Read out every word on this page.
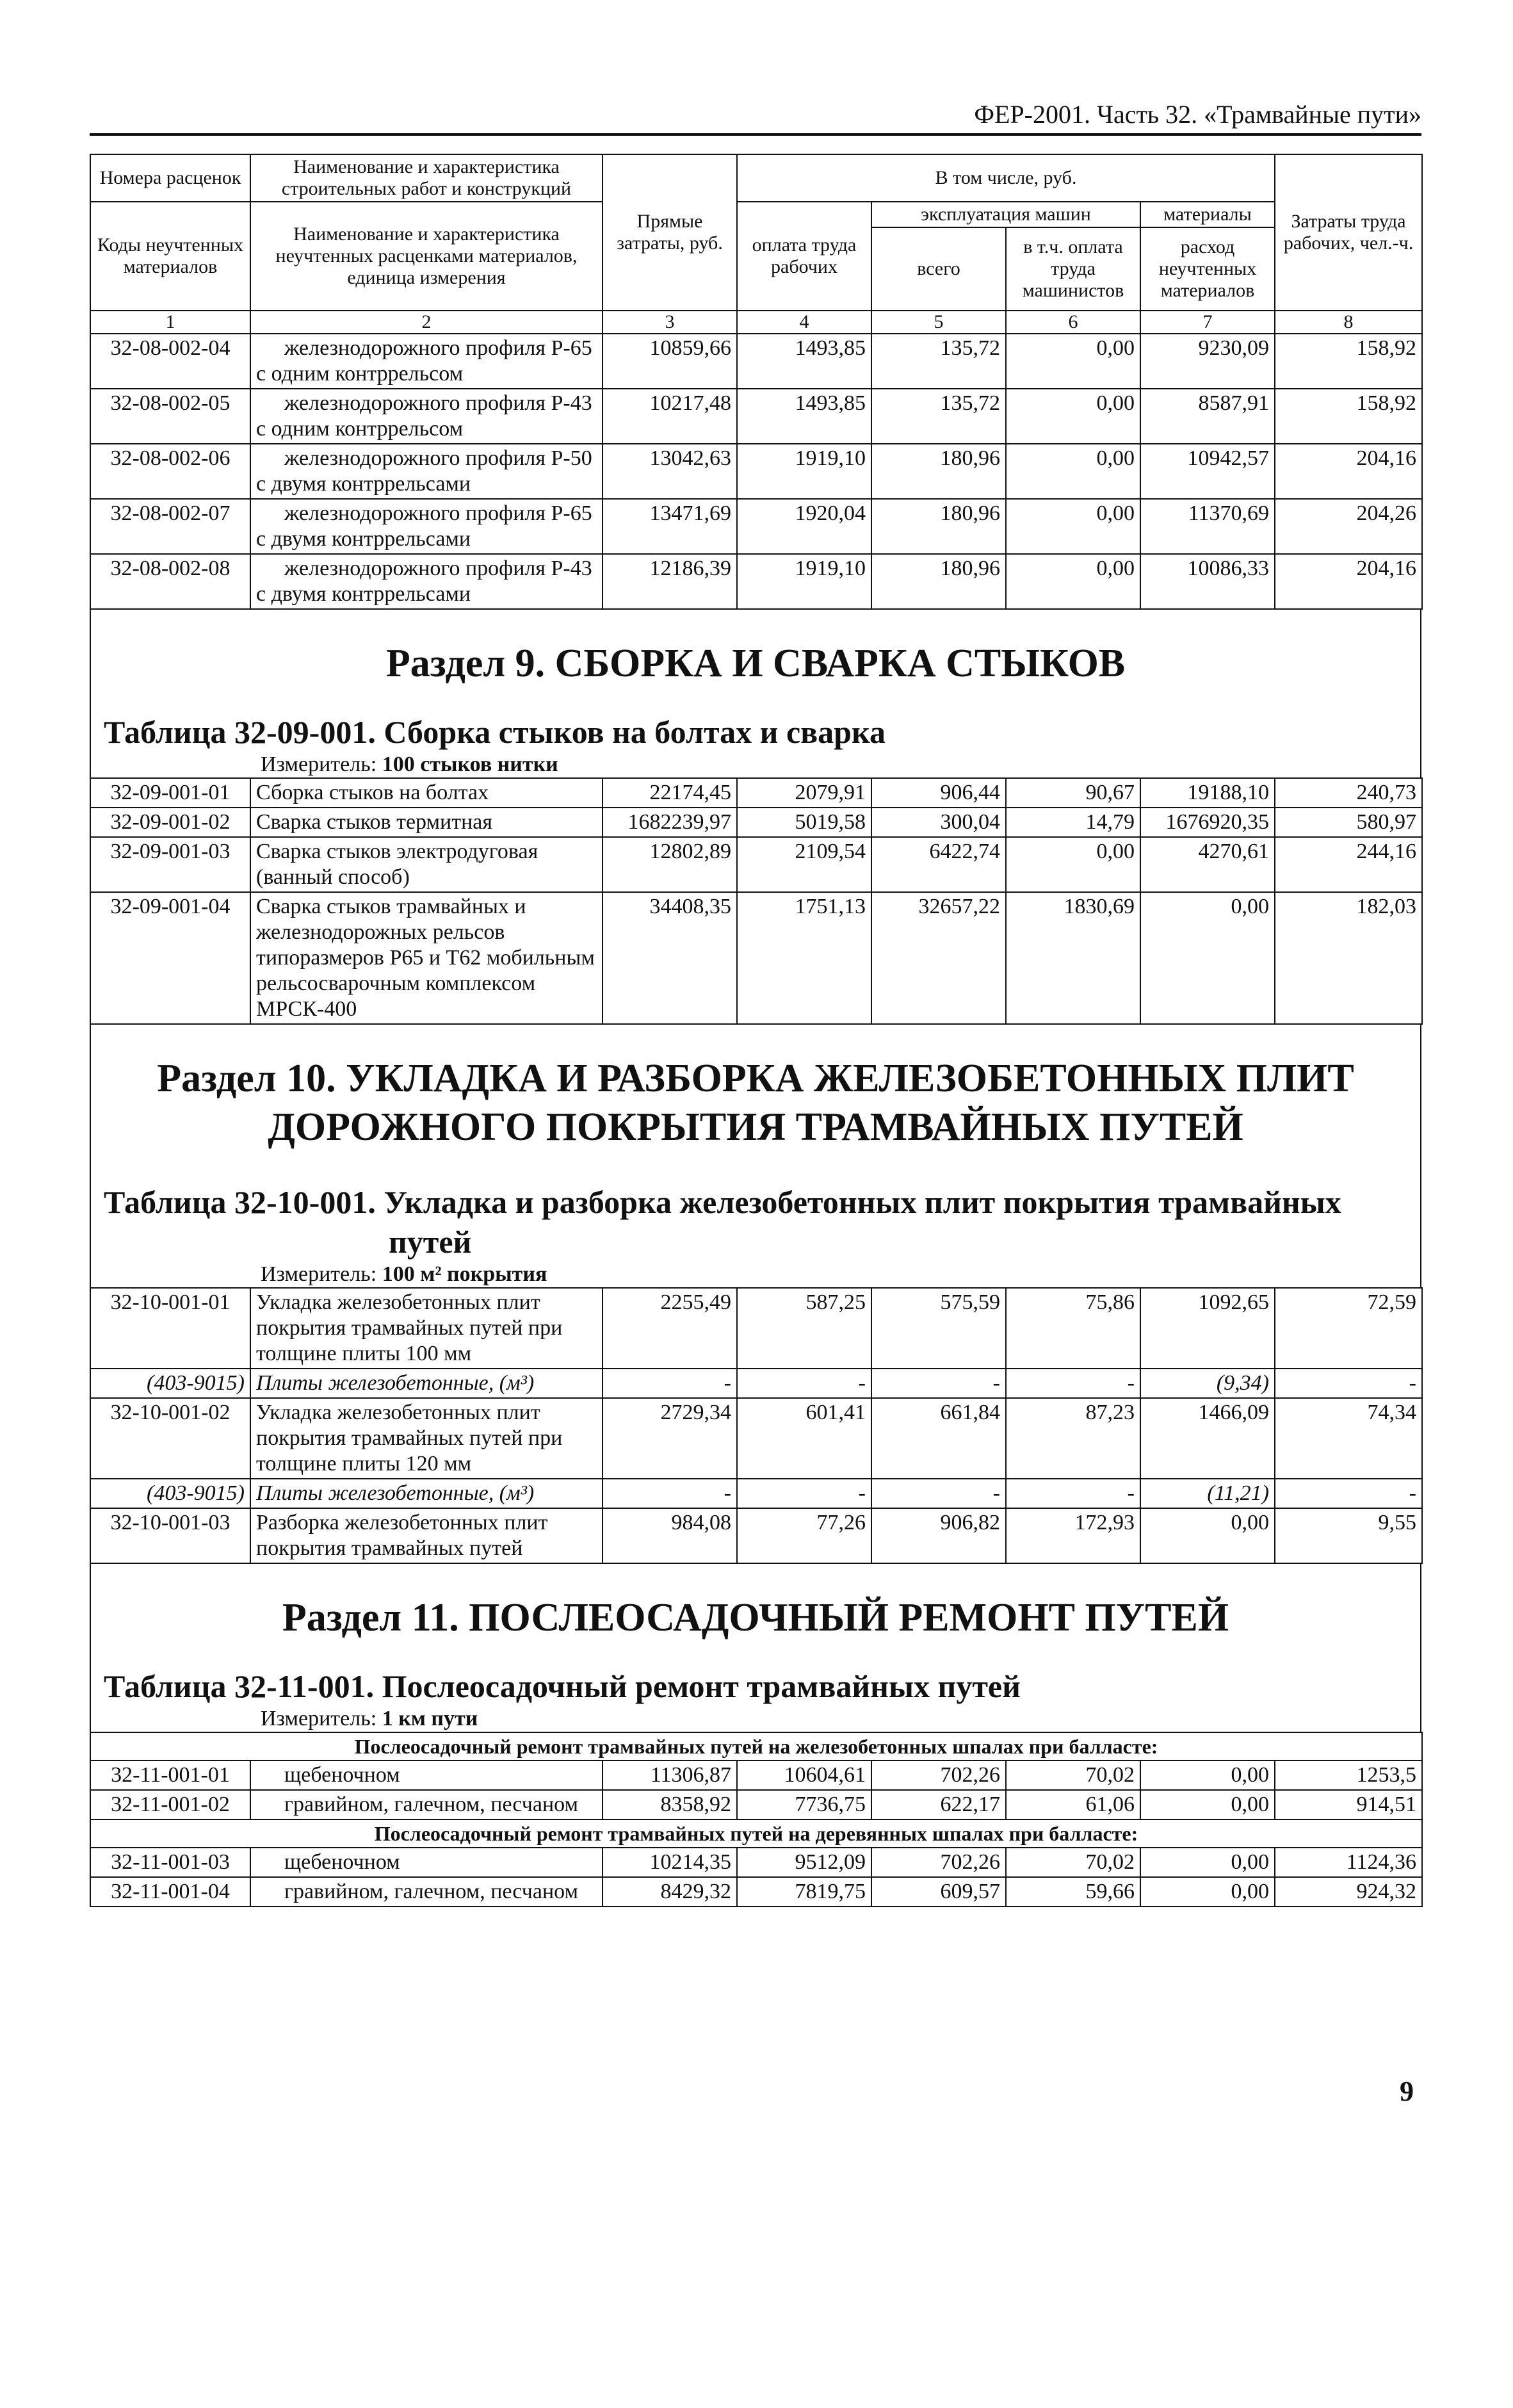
ФЕР-2001. Часть 32. «Трамвайные пути»
Номера расценок	Наименование и характеристика строительных работ и конструкций	Прямые затраты, руб.	В том числе, руб.				Затраты труда рабочих, чел.-ч.
Коды неучтенных материалов	Наименование и характеристика неучтенных расценками материалов, единица измерения		оплата труда рабочих	эксплуатация машин		материалы	
				всего	в т.ч. оплата труда машинистов	расход неучтенных материалов	
1	2	3	4	5	6	7	8
32-08-002-04	железнодорожного профиля Р-65 с одним контррельсом	10859,66	1493,85	135,72	0,00	9230,09	158,92
32-08-002-05	железнодорожного профиля Р-43 с одним контррельсом	10217,48	1493,85	135,72	0,00	8587,91	158,92
32-08-002-06	железнодорожного профиля Р-50 с двумя контррельсами	13042,63	1919,10	180,96	0,00	10942,57	204,16
32-08-002-07	железнодорожного профиля Р-65 с двумя контррельсами	13471,69	1920,04	180,96	0,00	11370,69	204,26
32-08-002-08	железнодорожного профиля Р-43 с двумя контррельсами	12186,39	1919,10	180,96	0,00	10086,33	204,16
Раздел 9. СБОРКА И СВАРКА СТЫКОВ
Таблица 32-09-001. Сборка стыков на болтах и сварка
Измеритель: 100 стыков нитки
32-09-001-01	Сборка стыков на болтах	22174,45	2079,91	906,44	90,67	19188,10	240,73
32-09-001-02	Сварка стыков термитная	1682239,97	5019,58	300,04	14,79	1676920,35	580,97
32-09-001-03	Сварка стыков электродуговая (ванный способ)	12802,89	2109,54	6422,74	0,00	4270,61	244,16
32-09-001-04	Сварка стыков трамвайных и железнодорожных рельсов типоразмеров Р65 и Т62 мобильным рельсосварочным комплексом МРСК-400	34408,35	1751,13	32657,22	1830,69	0,00	182,03
Раздел 10. УКЛАДКА И РАЗБОРКА ЖЕЛЕЗОБЕТОННЫХ ПЛИТ
ДОРОЖНОГО ПОКРЫТИЯ ТРАМВАЙНЫХ ПУТЕЙ
Таблица 32-10-001. Укладка и разборка железобетонных плит покрытия трамвайных
путей
Измеритель: 100 м² покрытия
32-10-001-01	Укладка железобетонных плит покрытия трамвайных путей при толщине плиты 100 мм	2255,49	587,25	575,59	75,86	1092,65	72,59
(403-9015)	Плиты железобетонные, (м³)	-	-	-	-	(9,34)	-
32-10-001-02	Укладка железобетонных плит покрытия трамвайных путей при толщине плиты 120 мм	2729,34	601,41	661,84	87,23	1466,09	74,34
(403-9015)	Плиты железобетонные, (м³)	-	-	-	-	(11,21)	-
32-10-001-03	Разборка железобетонных плит покрытия трамвайных путей	984,08	77,26	906,82	172,93	0,00	9,55
Раздел 11. ПОСЛЕОСАДОЧНЫЙ РЕМОНТ ПУТЕЙ
Таблица 32-11-001. Послеосадочный ремонт трамвайных путей
Измеритель: 1 км пути
Послеосадочный ремонт трамвайных путей на железобетонных шпалах при балласте:							
32-11-001-01	щебеночном	11306,87	10604,61	702,26	70,02	0,00	1253,5
32-11-001-02	гравийном, галечном, песчаном	8358,92	7736,75	622,17	61,06	0,00	914,51
Послеосадочный ремонт трамвайных путей на деревянных шпалах при балласте:							
32-11-001-03	щебеночном	10214,35	9512,09	702,26	70,02	0,00	1124,36
32-11-001-04	гравийном, галечном, песчаном	8429,32	7819,75	609,57	59,66	0,00	924,32
9
